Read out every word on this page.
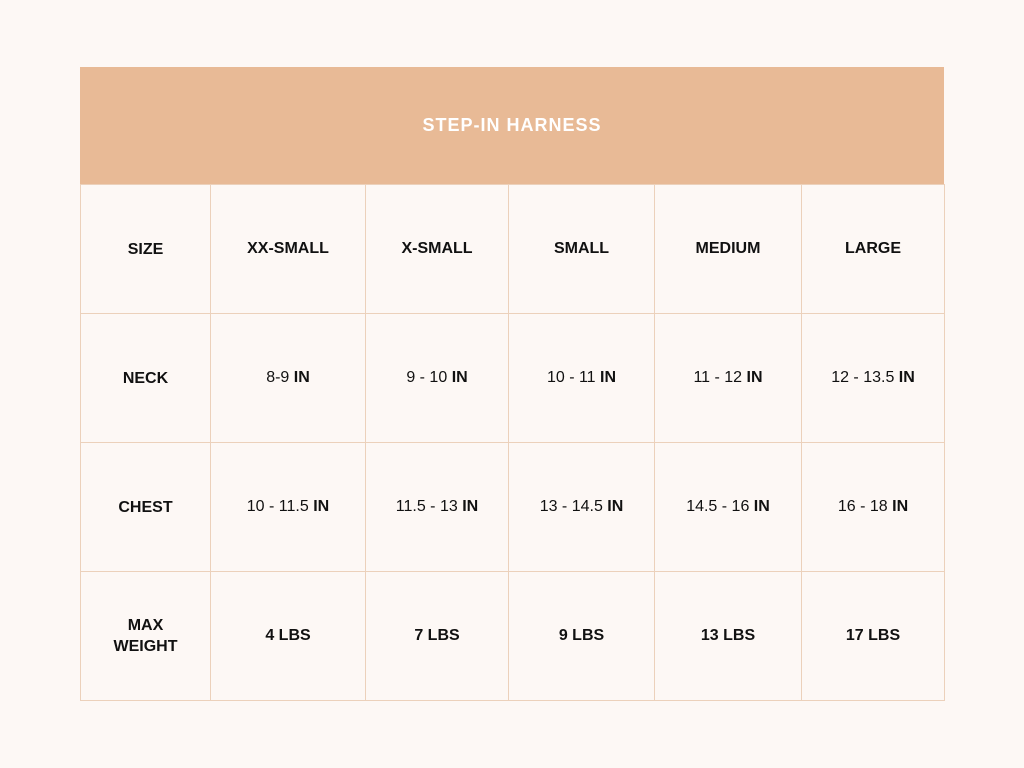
STEP-IN HARNESS
SIZE	XX-SMALL	X-SMALL	SMALL	MEDIUM	LARGE
NECK	8-9 IN	9 - 10 IN	10 - 11 IN	11 - 12 IN	12 - 13.5 IN
CHEST	10 - 11.5 IN	11.5 - 13 IN	13 - 14.5 IN	14.5 - 16 IN	16 - 18 IN
MAX
WEIGHT	4 LBS	7 LBS	9 LBS	13 LBS	17 LBS
